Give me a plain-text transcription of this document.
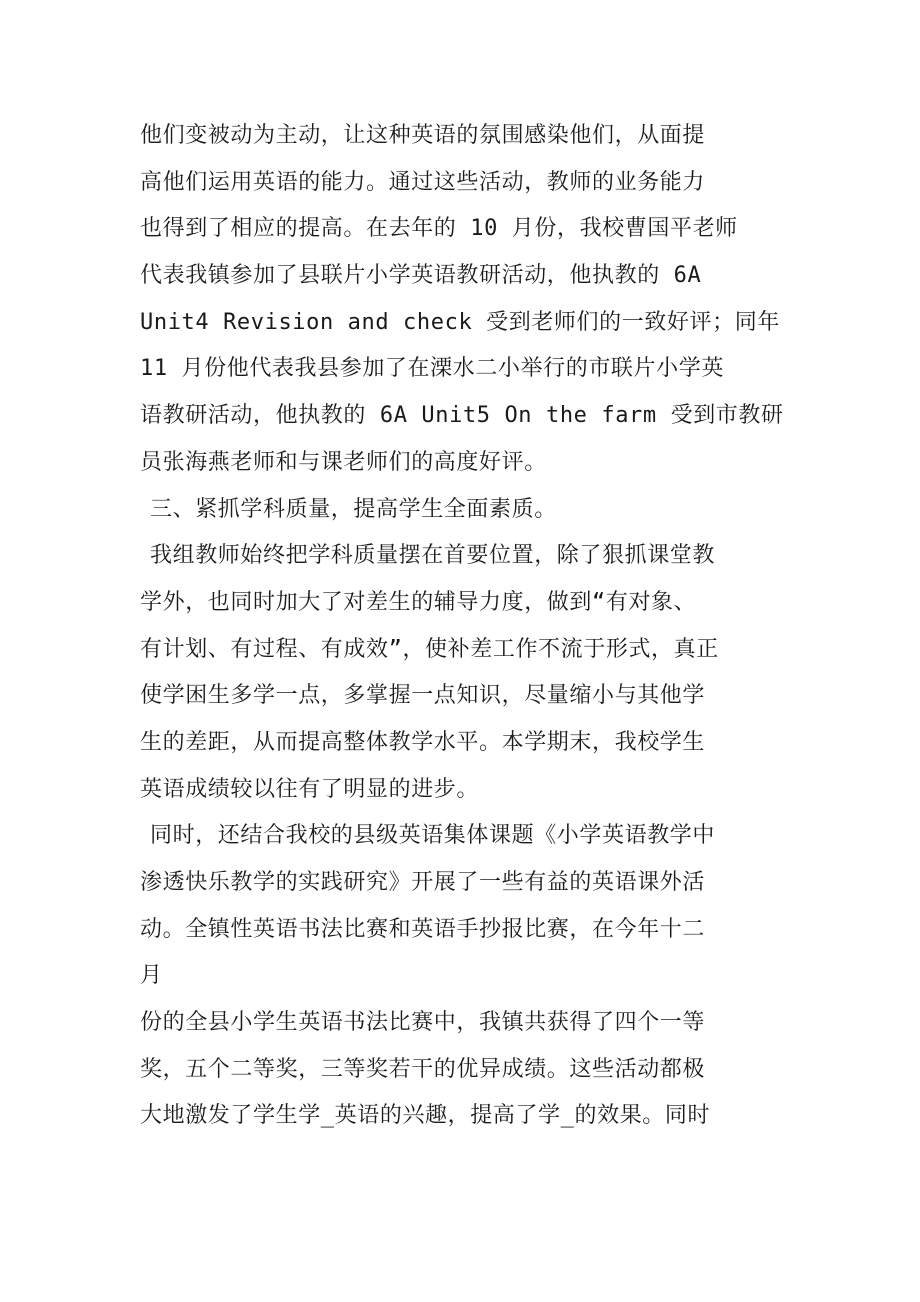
他们变被动为主动，让这种英语的氛围感染他们，从面提
高他们运用英语的能力。通过这些活动，教师的业务能力
也得到了相应的提高。在去年的 10 月份，我校曹国平老师
代表我镇参加了县联片小学英语教研活动，他执教的 6A
Unit4 Revision and check 受到老师们的一致好评；同年
11 月份他代表我县参加了在溧水二小举行的市联片小学英
语教研活动，他执教的 6A Unit5 On the farm 受到市教研
员张海燕老师和与课老师们的高度好评。
三、紧抓学科质量，提高学生全面素质。
我组教师始终把学科质量摆在首要位置，除了狠抓课堂教
学外，也同时加大了对差生的辅导力度，做到“有对象、
有计划、有过程、有成效”，使补差工作不流于形式，真正
使学困生多学一点，多掌握一点知识，尽量缩小与其他学
生的差距，从而提高整体教学水平。本学期末，我校学生
英语成绩较以往有了明显的进步。
同时，还结合我校的县级英语集体课题《小学英语教学中
渗透快乐教学的实践研究》开展了一些有益的英语课外活
动。全镇性英语书法比赛和英语手抄报比赛，在今年十二
月
份的全县小学生英语书法比赛中，我镇共获得了四个一等
奖，五个二等奖，三等奖若干的优异成绩。这些活动都极
大地激发了学生学_英语的兴趣，提高了学_的效果。同时
